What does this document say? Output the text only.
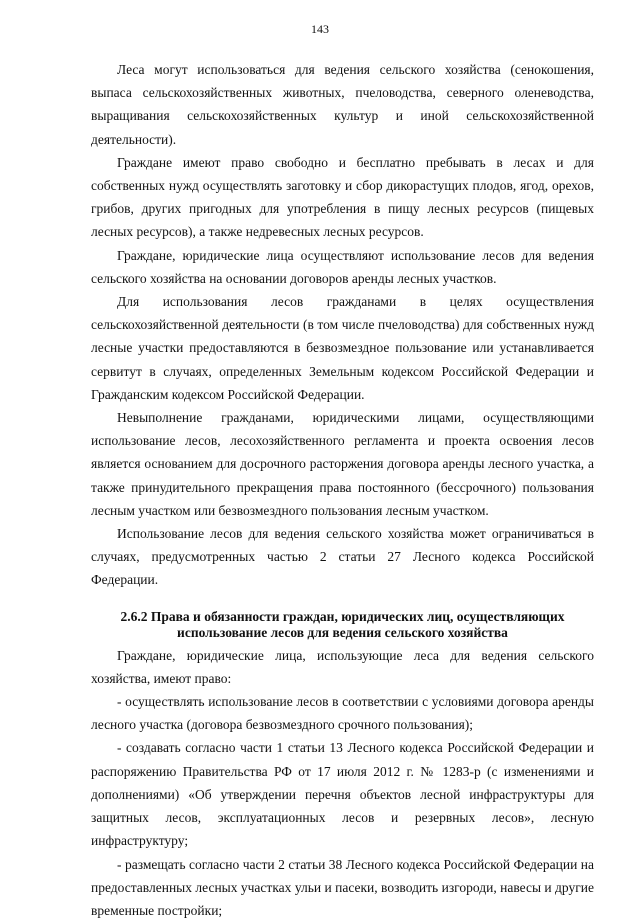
143

Леса могут использоваться для ведения сельского хозяйства (сенокошения, выпаса сельскохозяйственных животных, пчеловодства, северного оленеводства, выращивания сельскохозяйственных культур и иной сельскохозяйственной деятельности).

Граждане имеют право свободно и бесплатно пребывать в лесах и для собственных нужд осуществлять заготовку и сбор дикорастущих плодов, ягод, орехов, грибов, других пригодных для употребления в пищу лесных ресурсов (пищевых лесных ресурсов), а также недревесных лесных ресурсов.

Граждане, юридические лица осуществляют использование лесов для ведения сельского хозяйства на основании договоров аренды лесных участков.

Для использования лесов гражданами в целях осуществления сельскохозяйственной деятельности (в том числе пчеловодства) для собственных нужд лесные участки предоставляются в безвозмездное пользование или устанавливается сервитут в случаях, определенных Земельным кодексом Российской Федерации и Гражданским кодексом Российской Федерации.

Невыполнение гражданами, юридическими лицами, осуществляющими использование лесов, лесохозяйственного регламента и проекта освоения лесов является основанием для досрочного расторжения договора аренды лесного участка, а также принудительного прекращения права постоянного (бессрочного) пользования лесным участком или безвозмездного пользования лесным участком.

Использование лесов для ведения сельского хозяйства может ограничиваться в случаях, предусмотренных частью 2 статьи 27 Лесного кодекса Российской Федерации.

2.6.2 Права и обязанности граждан, юридических лиц, осуществляющих использование лесов для ведения сельского хозяйства

Граждане, юридические лица, использующие леса для ведения сельского хозяйства, имеют право:

- осуществлять использование лесов в соответствии с условиями договора аренды лесного участка (договора безвозмездного срочного пользования);

- создавать согласно части 1 статьи 13 Лесного кодекса Российской Федерации и распоряжению Правительства РФ от 17 июля 2012 г. № 1283-р (с изменениями и дополнениями) «Об утверждении перечня объектов лесной инфраструктуры для защитных лесов, эксплуатационных лесов и резервных лесов», лесную инфраструктуру;

- размещать согласно части 2 статьи 38 Лесного кодекса Российской Федерации на предоставленных лесных участках ульи и пасеки, возводить изгороди, навесы и другие временные постройки;
